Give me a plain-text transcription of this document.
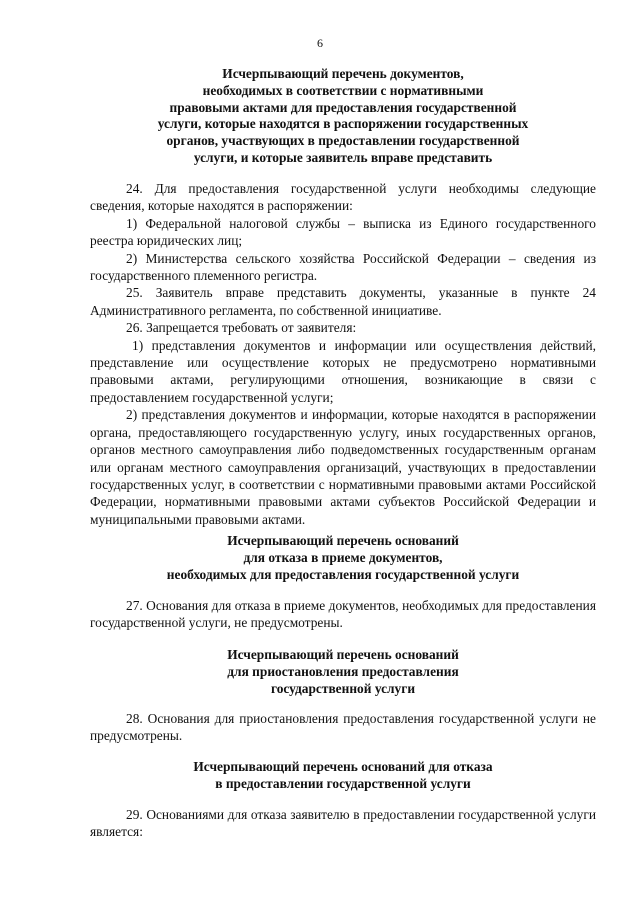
6
Исчерпывающий перечень документов,
необходимых в соответствии с нормативными
правовыми актами для предоставления государственной
услуги, которые находятся в распоряжении государственных
органов, участвующих в предоставлении государственной
услуги, и которые заявитель вправе представить

24. Для предоставления государственной услуги необходимы следующие сведения, которые находятся в распоряжении:

1) Федеральной налоговой службы – выписка из Единого государственного реестра юридических лиц;

2) Министерства сельского хозяйства Российской Федерации – сведения из государственного племенного регистра.

25. Заявитель вправе представить документы, указанные в пункте 24 Административного регламента, по собственной инициативе.

26. Запрещается требовать от заявителя:

1) представления документов и информации или осуществления действий, представление или осуществление которых не предусмотрено нормативными правовыми актами, регулирующими отношения, возникающие в связи с предоставлением государственной услуги;

2) представления документов и информации, которые находятся в распоряжении органа, предоставляющего государственную услугу, иных государственных органов, органов местного самоуправления либо подведомственных государственным органам или органам местного самоуправления организаций, участвующих в предоставлении государственных услуг, в соответствии с нормативными правовыми актами Российской Федерации, нормативными правовыми актами субъектов Российской Федерации и муниципальными правовыми актами.

Исчерпывающий перечень оснований
для отказа в приеме документов,
необходимых для предоставления государственной услуги

27. Основания для отказа в приеме документов, необходимых для предоставления государственной услуги, не предусмотрены.

Исчерпывающий перечень оснований
для приостановления предоставления
государственной услуги

28. Основания для приостановления предоставления государственной услуги не предусмотрены.

Исчерпывающий перечень оснований для отказа
в предоставлении государственной услуги

29. Основаниями для отказа заявителю в предоставлении государственной услуги является:
